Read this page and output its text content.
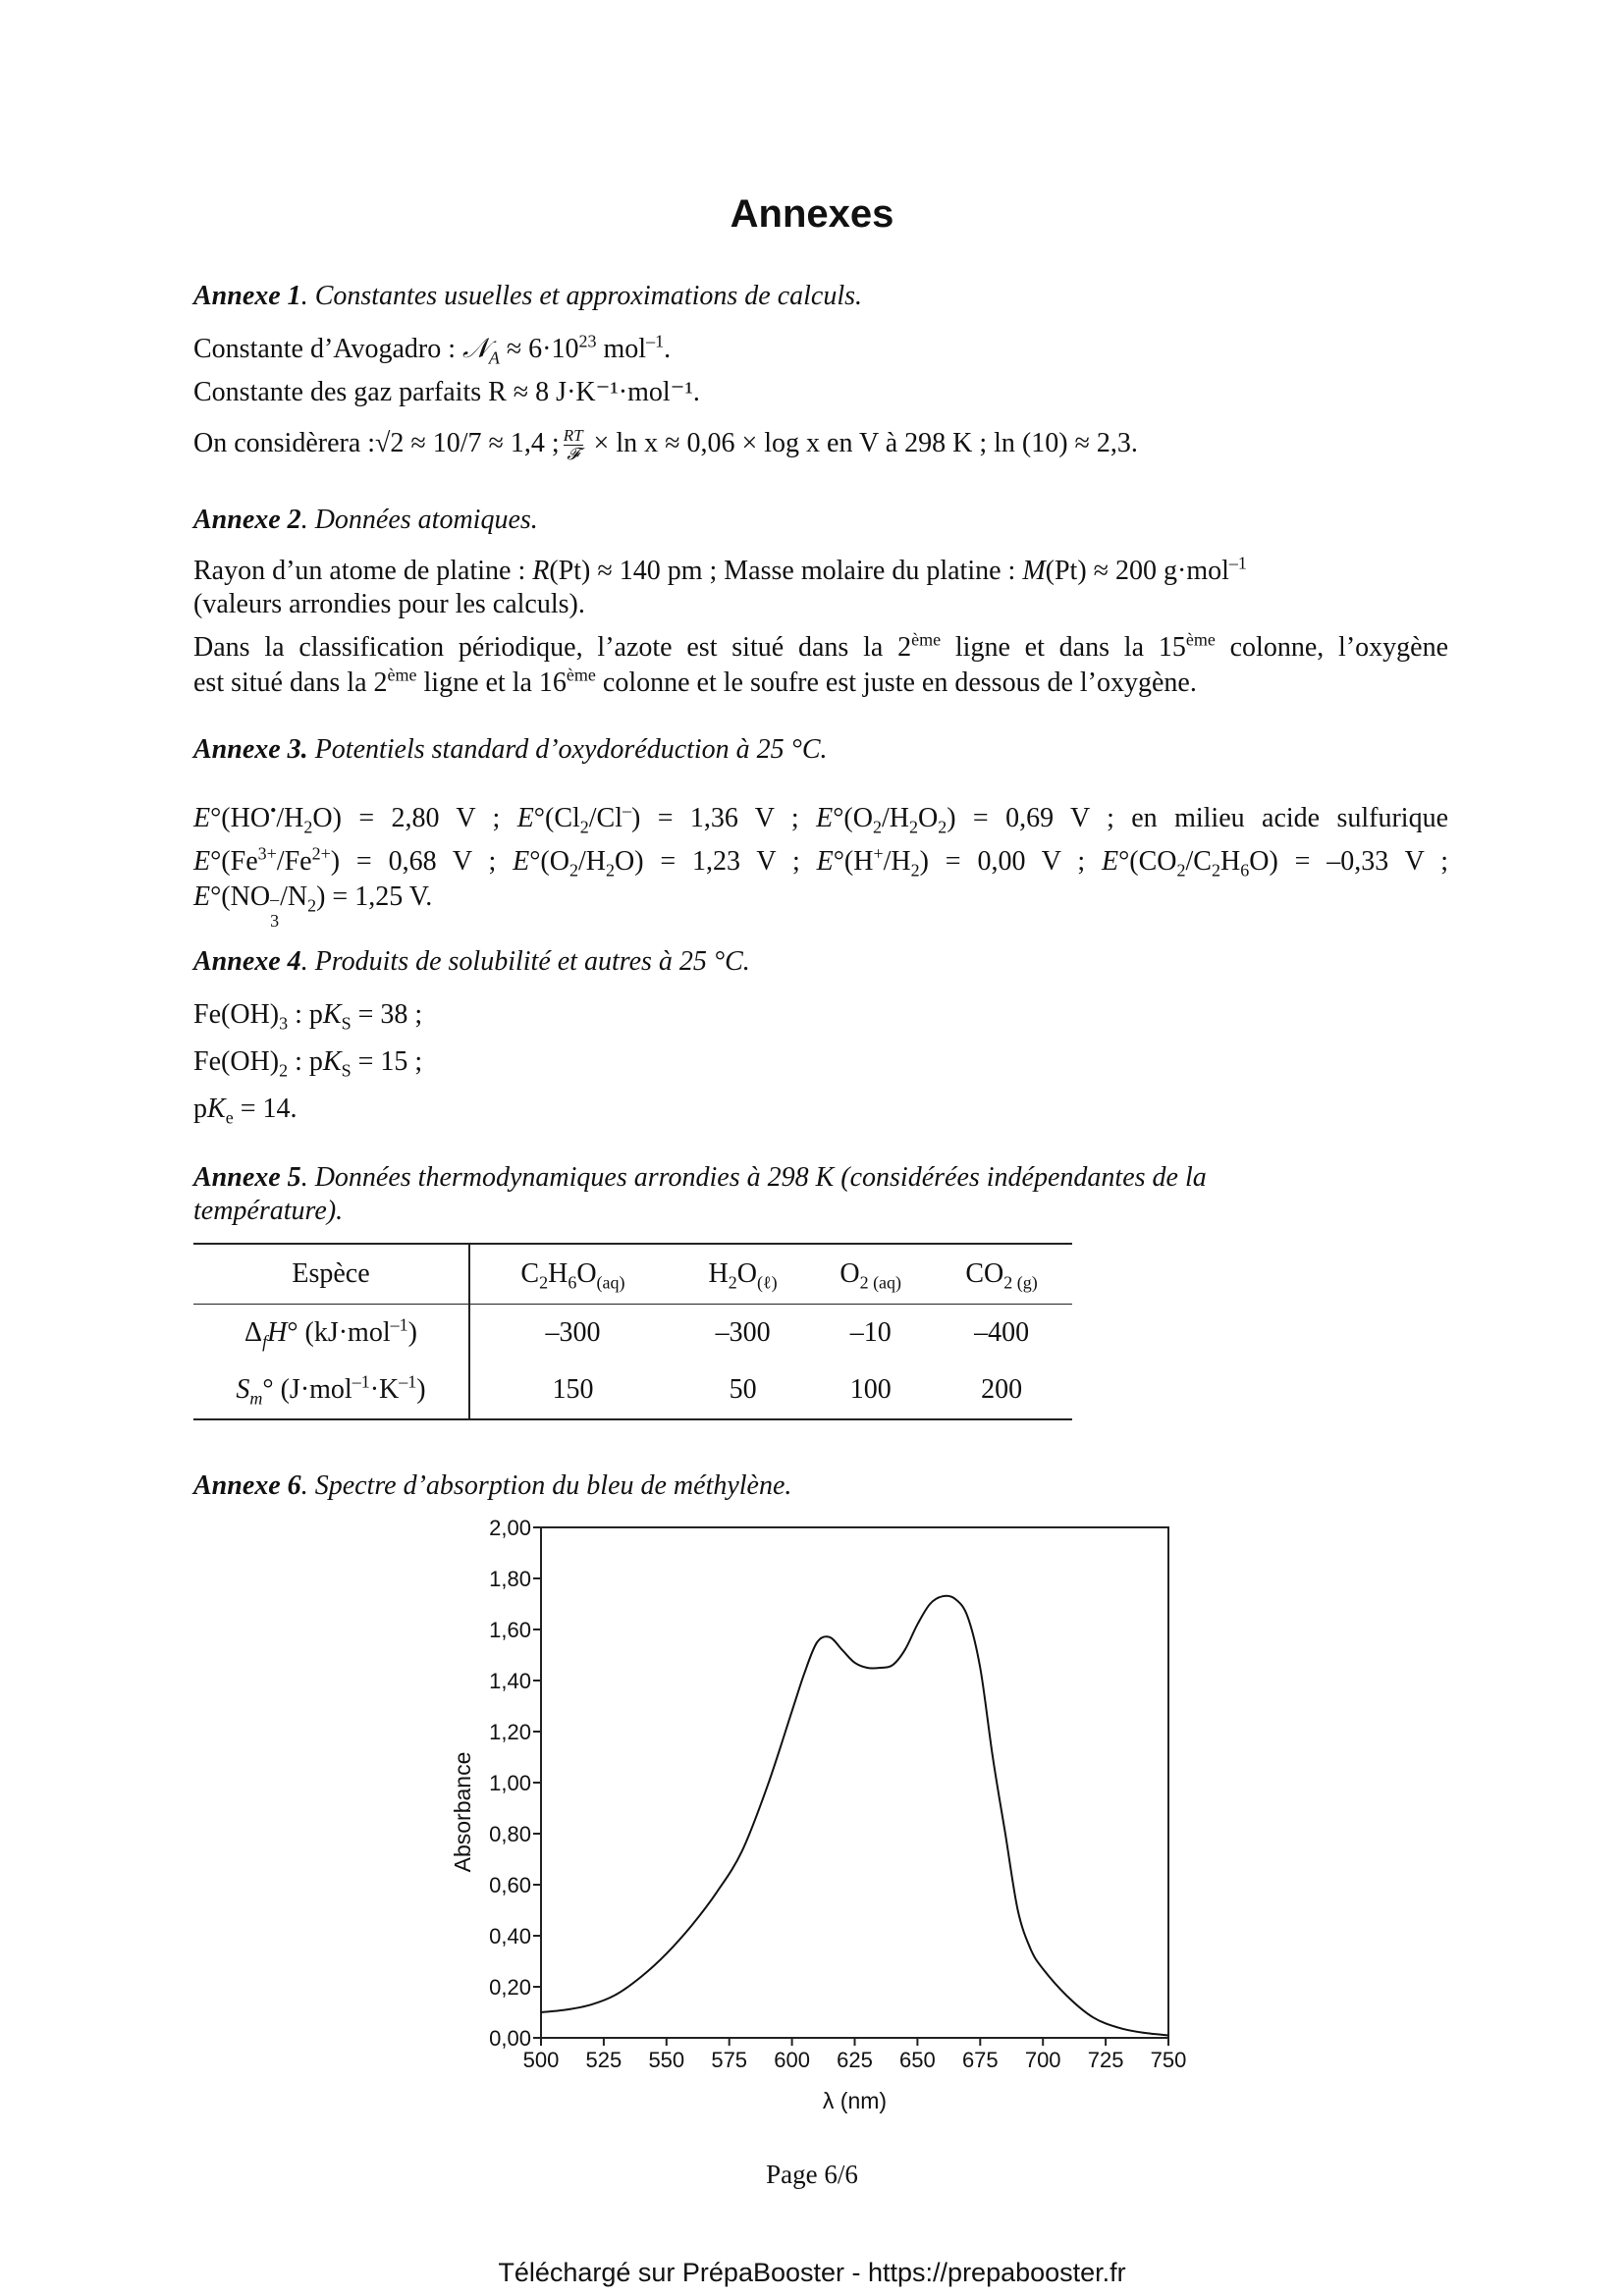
Annexes
Annexe 1. Constantes usuelles et approximations de calculs.
Constante d’Avogadro : 𝒩$_A$ ≈ $6\cdot 10^{23}$ mol$^{-1}$.
Constante des gaz parfaits R ≈ 8 J·K⁻¹·mol⁻¹.
On considèrera :√2 ≈ 10/7 ≈ 1,4 ; RT
𝓕 × ln x ≈ 0,06 × log x en V à 298 K ; ln (10) ≈ 2,3.
Annexe 2. Données atomiques.
Rayon d’un atome de platine : R(Pt) ≈ 140 pm ; Masse molaire du platine : M(Pt) ≈ 200 g·mol$^{-1}$
(valeurs arrondies pour les calculs).
Dans la classification périodique, l’azote est situé dans la 2ème ligne et dans la 15ème colonne, l’oxygène
est situé dans la 2ème ligne et la 16ème colonne et le soufre est juste en dessous de l’oxygène.
Annexe 3. Potentiels standard d’oxydoréduction à 25 °C.
$E^\circ(HO^•/H_2O) = 2,80$ V ; $E^\circ(Cl_2/Cl^-) = 1,36$ V ; $E^\circ(O_2/H_2O_2) = 0,69$ V ; en milieu acide sulfurique
$E^\circ(Fe^{3+}/Fe^{2+}) = 0,68$ V ; $E^\circ(O_2/H_2O) = 1,23$ V ; $E^\circ(H^+/H_2) = 0,00$ V ; $E^\circ(CO_2/C_2H_6O) = -0,33$ V ;
E°(NO –
3
$/N_2) = 1,25$ V.
Annexe 4. Produits de solubilité et autres à 25 °C.
$Fe(OH)_3$ : $pK_S = 38$ ;
$Fe(OH)_2$ : $pK_S = 15$ ;
$pK_e = 14$.
Annexe 5. Données thermodynamiques arrondies à 298 K (considérées indépendantes de la
température).
Espèce	$C_2H_6O_{(aq)}$	$H_2O_{(\ell)}$	$O_{2 (aq)}$	$CO_{2 (g)}$
$\Delta_fH^\circ$ (kJ·mol$^{-1}$)	–300	–300	–10	–400
$S_m^\circ$ $(J\cdot mol^{-1}\cdot K^{-1})$	150	50	100	200
Annexe 6. Spectre d’absorption du bleu de méthylène.
0,00
0,20
0,40
0,60
0,80
1,00
1,20
1,40
1,60
1,80
2,00
500 525 550 575 600 625 650 675 700 725 750
λ (nm)
Absorbance
Page 6/6
Téléchargé sur PrépaBooster - https://prepabooster.fr
